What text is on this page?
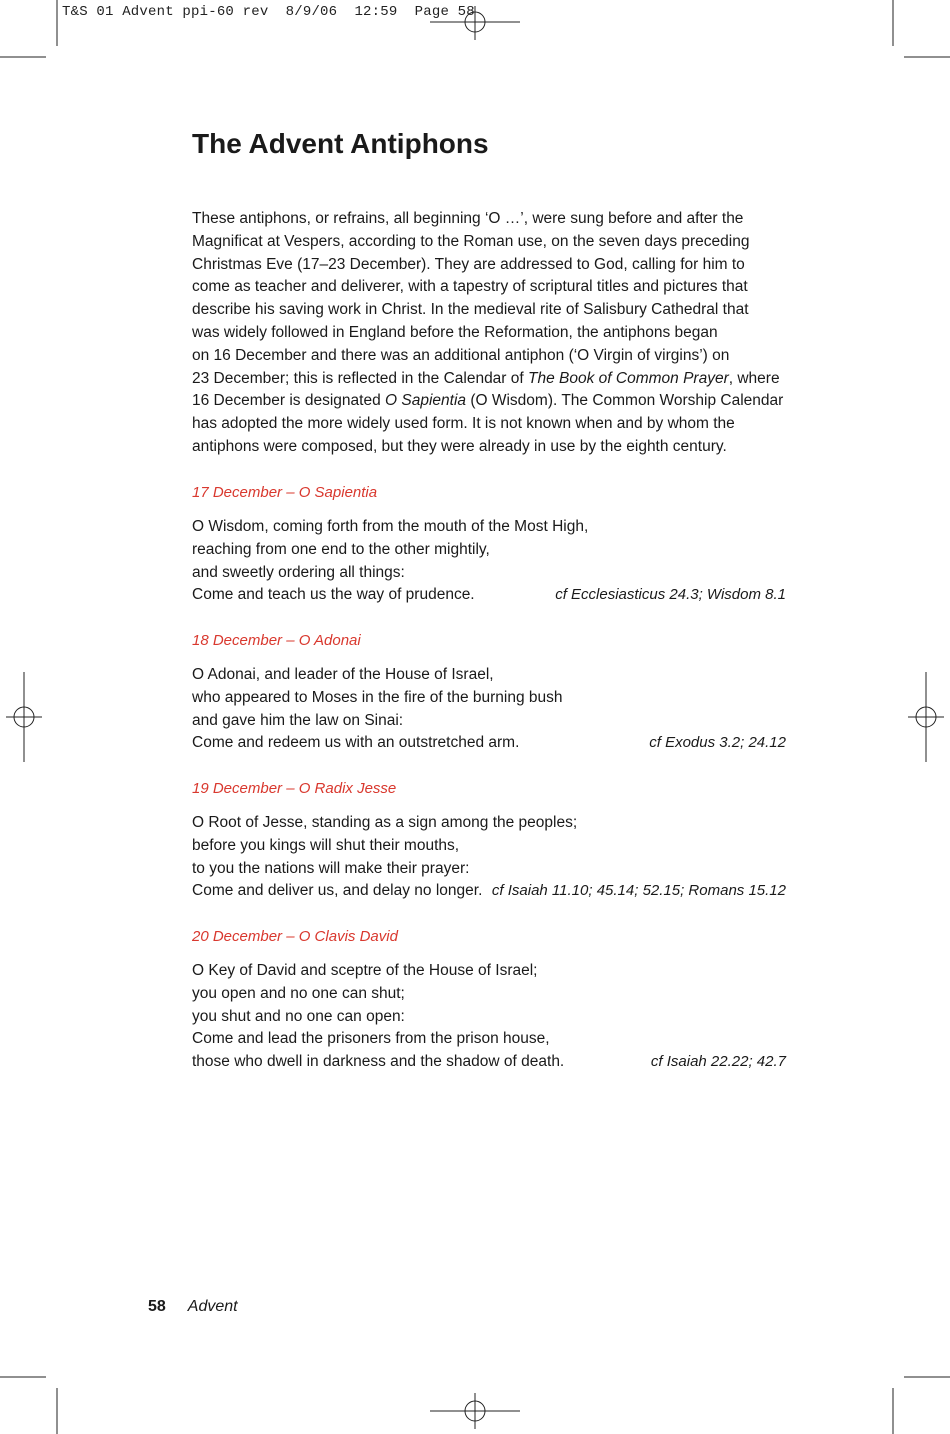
T&S 01 Advent ppi-60 rev  8/9/06  12:59  Page 58
The Advent Antiphons

These antiphons, or refrains, all beginning ‘O …’, were sung before and after the
Magnificat at Vespers, according to the Roman use, on the seven days preceding
Christmas Eve (17–23 December). They are addressed to God, calling for him to
come as teacher and deliverer, with a tapestry of scriptural titles and pictures that
describe his saving work in Christ. In the medieval rite of Salisbury Cathedral that
was widely followed in England before the Reformation, the antiphons began
on 16 December and there was an additional antiphon (‘O Virgin of virgins’) on
23 December; this is reflected in the Calendar of The Book of Common Prayer, where
16 December is designated O Sapientia (O Wisdom). The Common Worship Calendar
has adopted the more widely used form. It is not known when and by whom the
antiphons were composed, but they were already in use by the eighth century.

17 December – O Sapientia

O Wisdom, coming forth from the mouth of the Most High,
reaching from one end to the other mightily,
and sweetly ordering all things:
Come and teach us the way of prudence.	cf Ecclesiasticus 24.3; Wisdom 8.1

18 December – O Adonai

O Adonai, and leader of the House of Israel,
who appeared to Moses in the fire of the burning bush
and gave him the law on Sinai:
Come and redeem us with an outstretched arm.	cf Exodus 3.2; 24.12

19 December – O Radix Jesse

O Root of Jesse, standing as a sign among the peoples;
before you kings will shut their mouths,
to you the nations will make their prayer:
Come and deliver us, and delay no longer. cf Isaiah 11.10; 45.14; 52.15; Romans 15.12

20 December – O Clavis David

O Key of David and sceptre of the House of Israel;
you open and no one can shut;
you shut and no one can open:
Come and lead the prisoners from the prison house,
those who dwell in darkness and the shadow of death.	cf Isaiah 22.22; 42.7
58 Advent
